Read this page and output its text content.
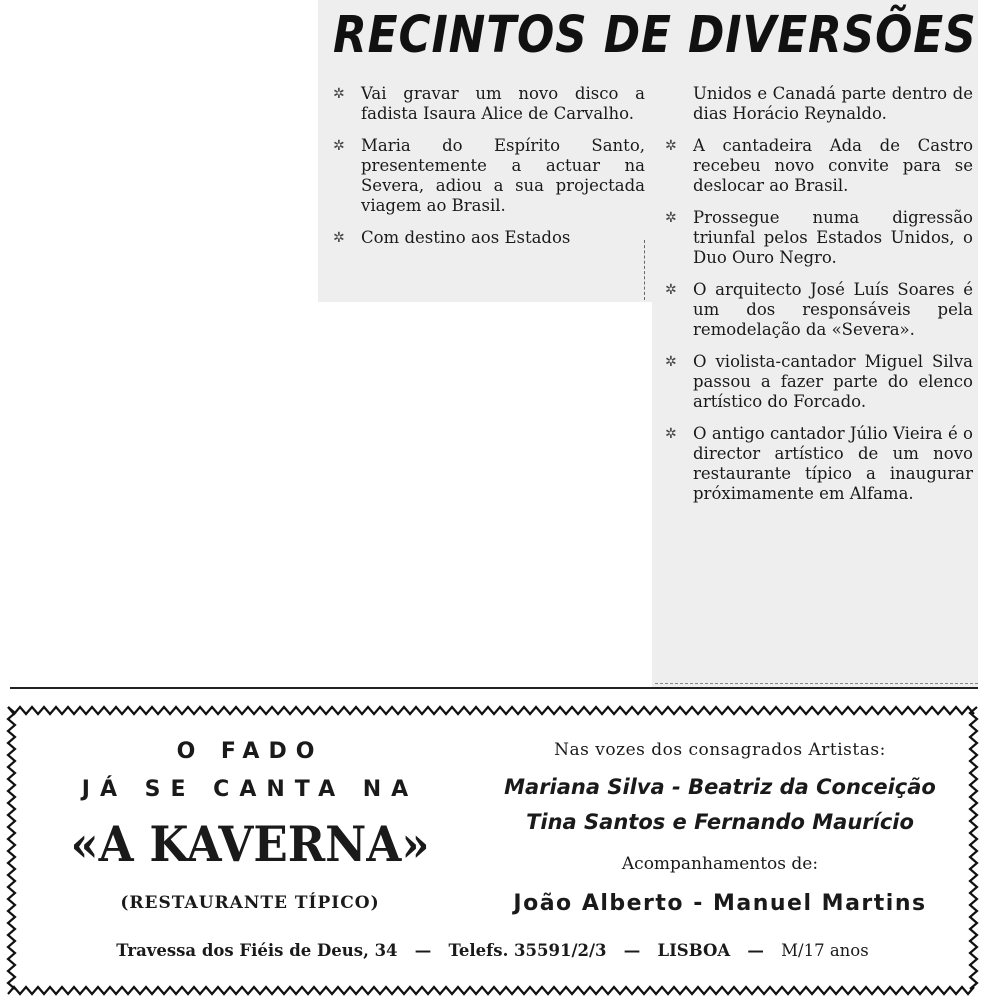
RECINTOS DE DIVERSÕES
✲ Vai gravar um novo disco a fadista Isaura Alice de Carvalho.
✲ Maria do Espírito Santo, presentemente a actuar na Severa, adiou a sua projectada viagem ao Brasil.
✲ Com destino aos Estados
Unidos e Canadá parte dentro de dias Horácio Reynaldo.
✲ A cantadeira Ada de Castro recebeu novo convite para se deslocar ao Brasil.
✲ Prossegue numa digressão triunfal pelos Estados Unidos, o Duo Ouro Negro.
✲ O arquitecto José Luís Soares é um dos responsáveis pela remodelação da «Severa».
✲ O violista-cantador Miguel Silva passou a fazer parte do elenco artístico do Forcado.
✲ O antigo cantador Júlio Vieira é o director artístico de um novo restaurante típico a inaugurar próximamente em Alfama.
O FADO
JÁ SE CANTA NA
«A KAVERNA»
(RESTAURANTE TÍPICO)
Nas vozes dos consagrados Artistas:
Mariana Silva - Beatriz da Conceição
Tina Santos e Fernando Maurício
Acompanhamentos de:
João Alberto - Manuel Martins
Travessa dos Fiéis de Deus, 34   —   Telefs. 35591/2/3   —   LISBOA   —   M/17 anos
